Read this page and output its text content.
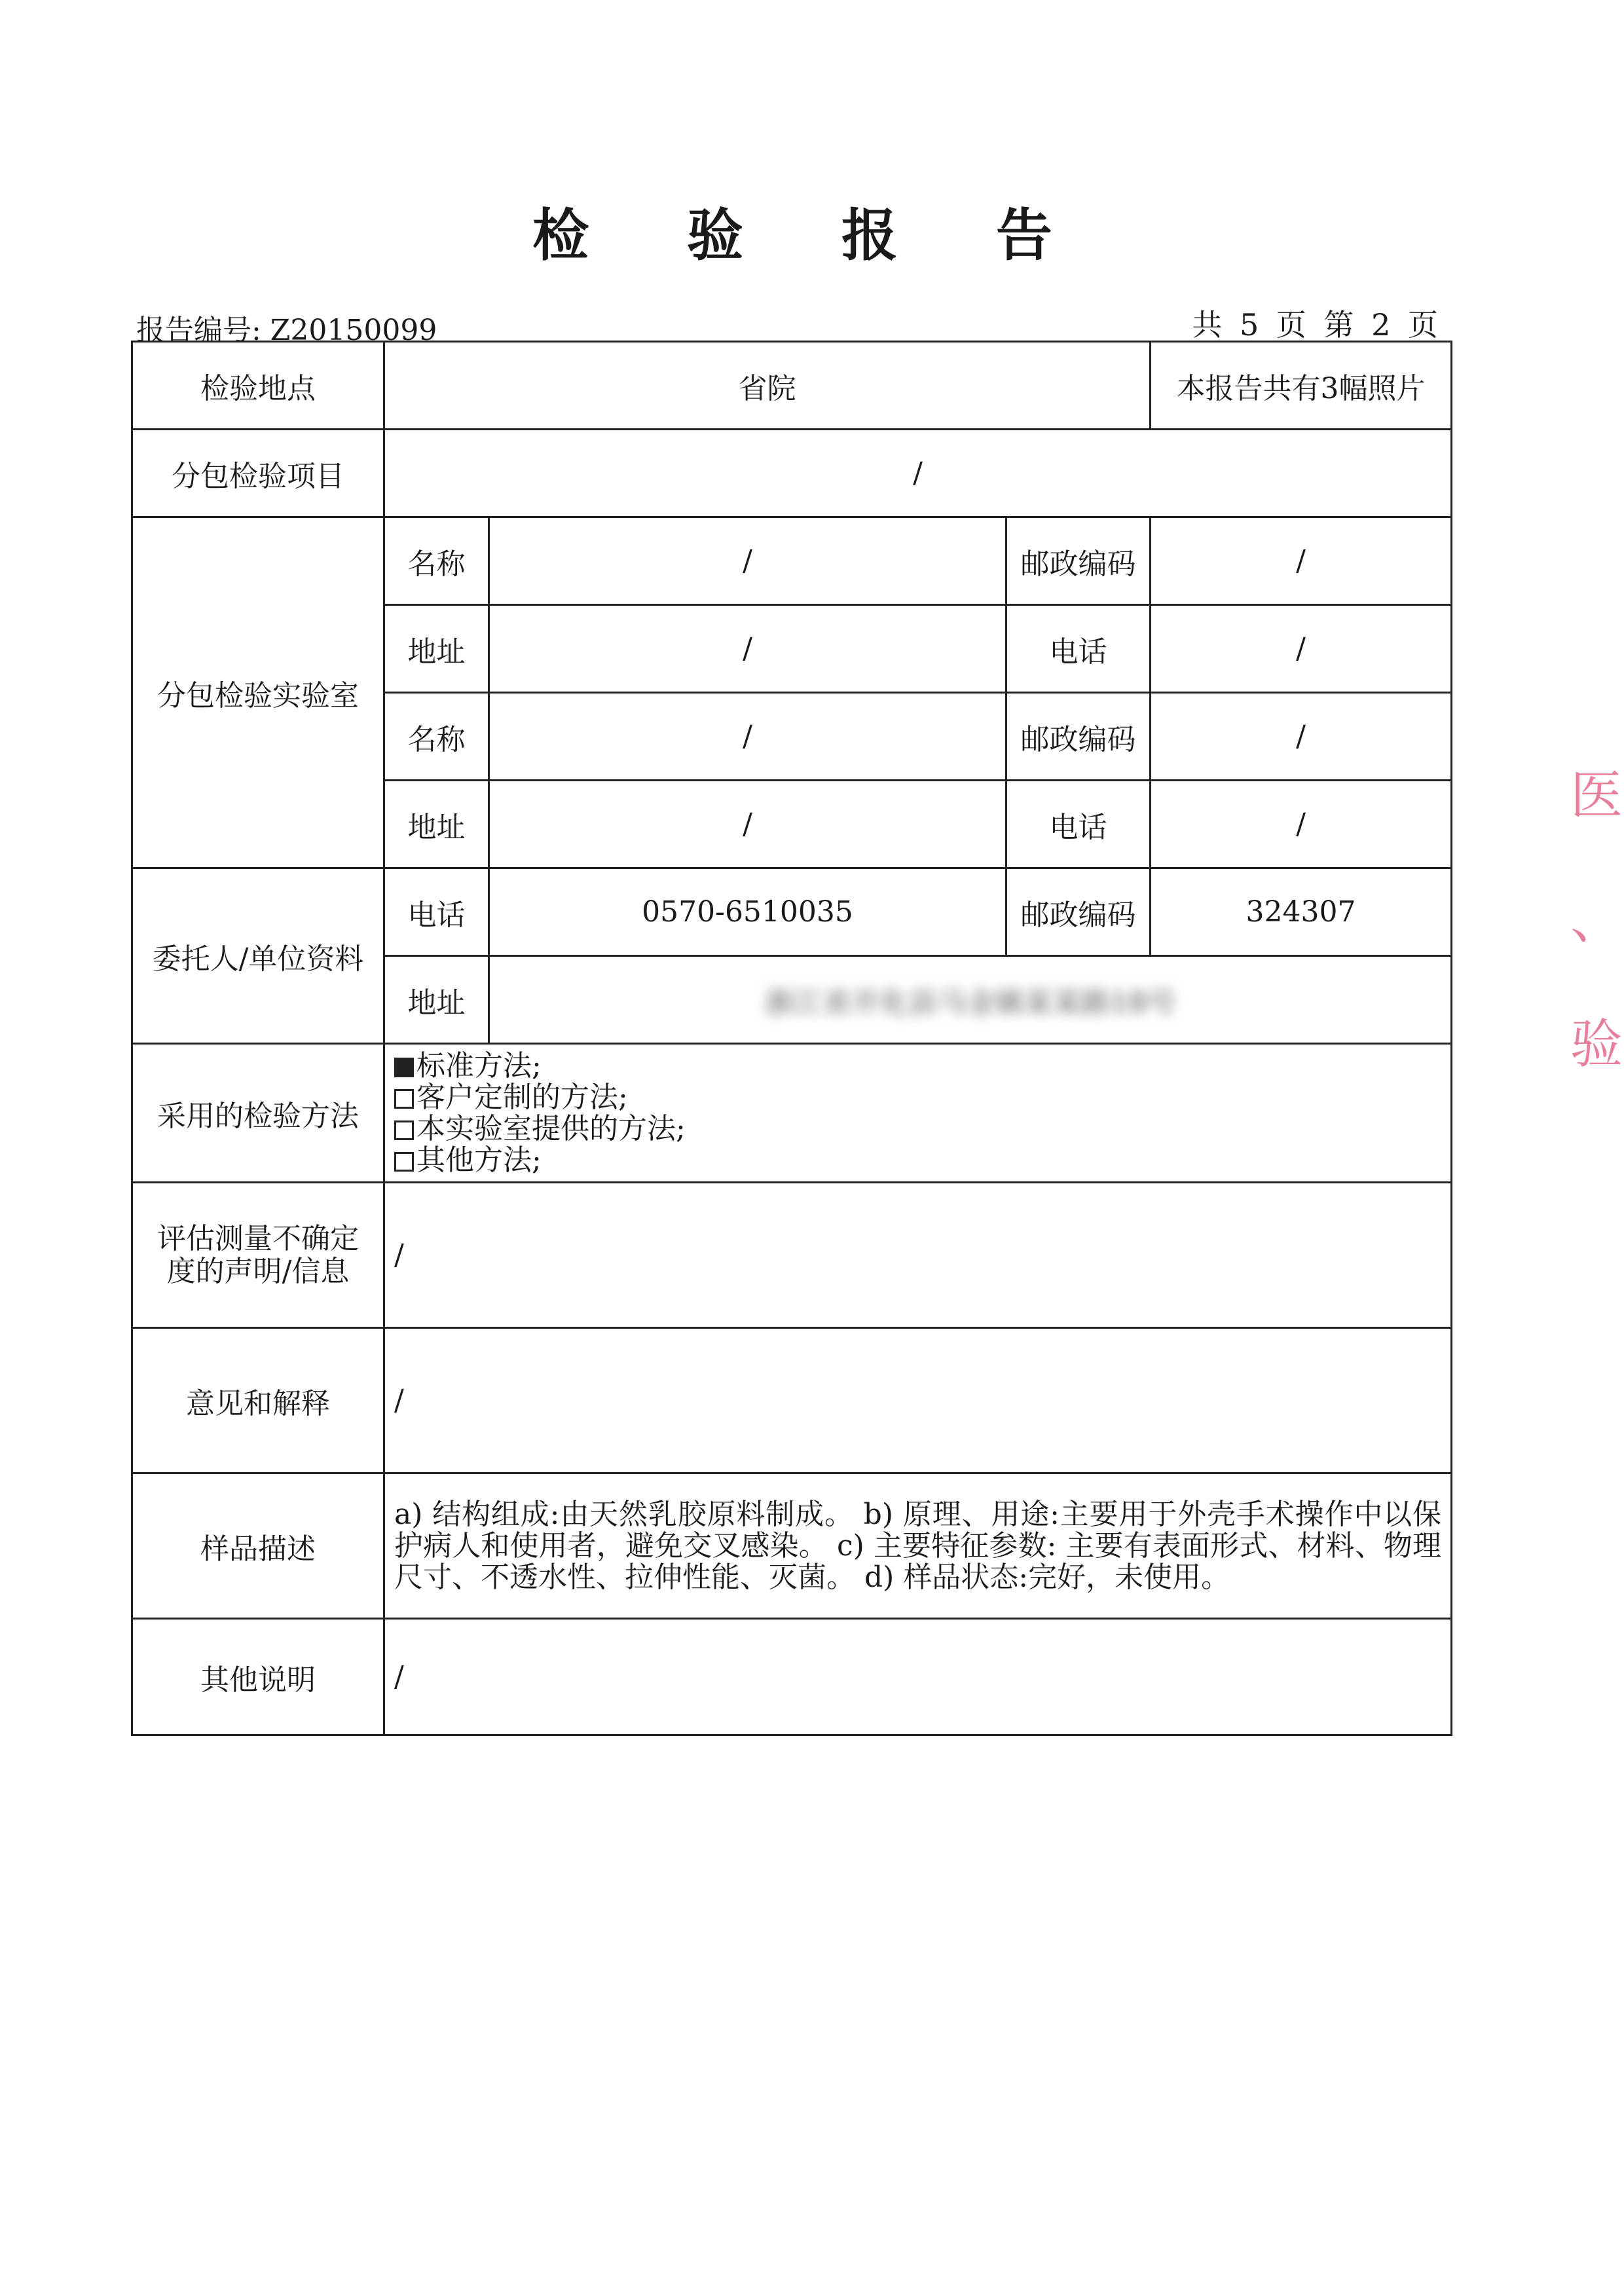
检 验 报 告
报告编号: Z20150099	共 5 页 第 2 页
检验地点	省院			本报告共有3幅照片
分包检验项目	/			
分包检验实验室	名称	/	邮政编码	/
	地址	/	电话	/
	名称	/	邮政编码	/
	地址	/	电话	/
委托人/单位资料	电话	0570-6510035	邮政编码	324307
	地址	浙江省开化县马金镇某某路18号		
采用的检验方法	标准方法;
客户定制的方法;
本实验室提供的方法;
其他方法;			

评估测量不确定
度的声明/信息	/			
意见和解释	/			
样品描述	a) 结构组成:由天然乳胶原料制成。 b) 原理、用途:主要用于外壳手术操作中以保护病人和使用者，避免交叉感染。 c) 主要特征参数: 主要有表面形式、材料、物理尺寸、不透水性、拉伸性能、灭菌。 d) 样品状态:完好，未使用。			
其他说明	/			
医
、
验
